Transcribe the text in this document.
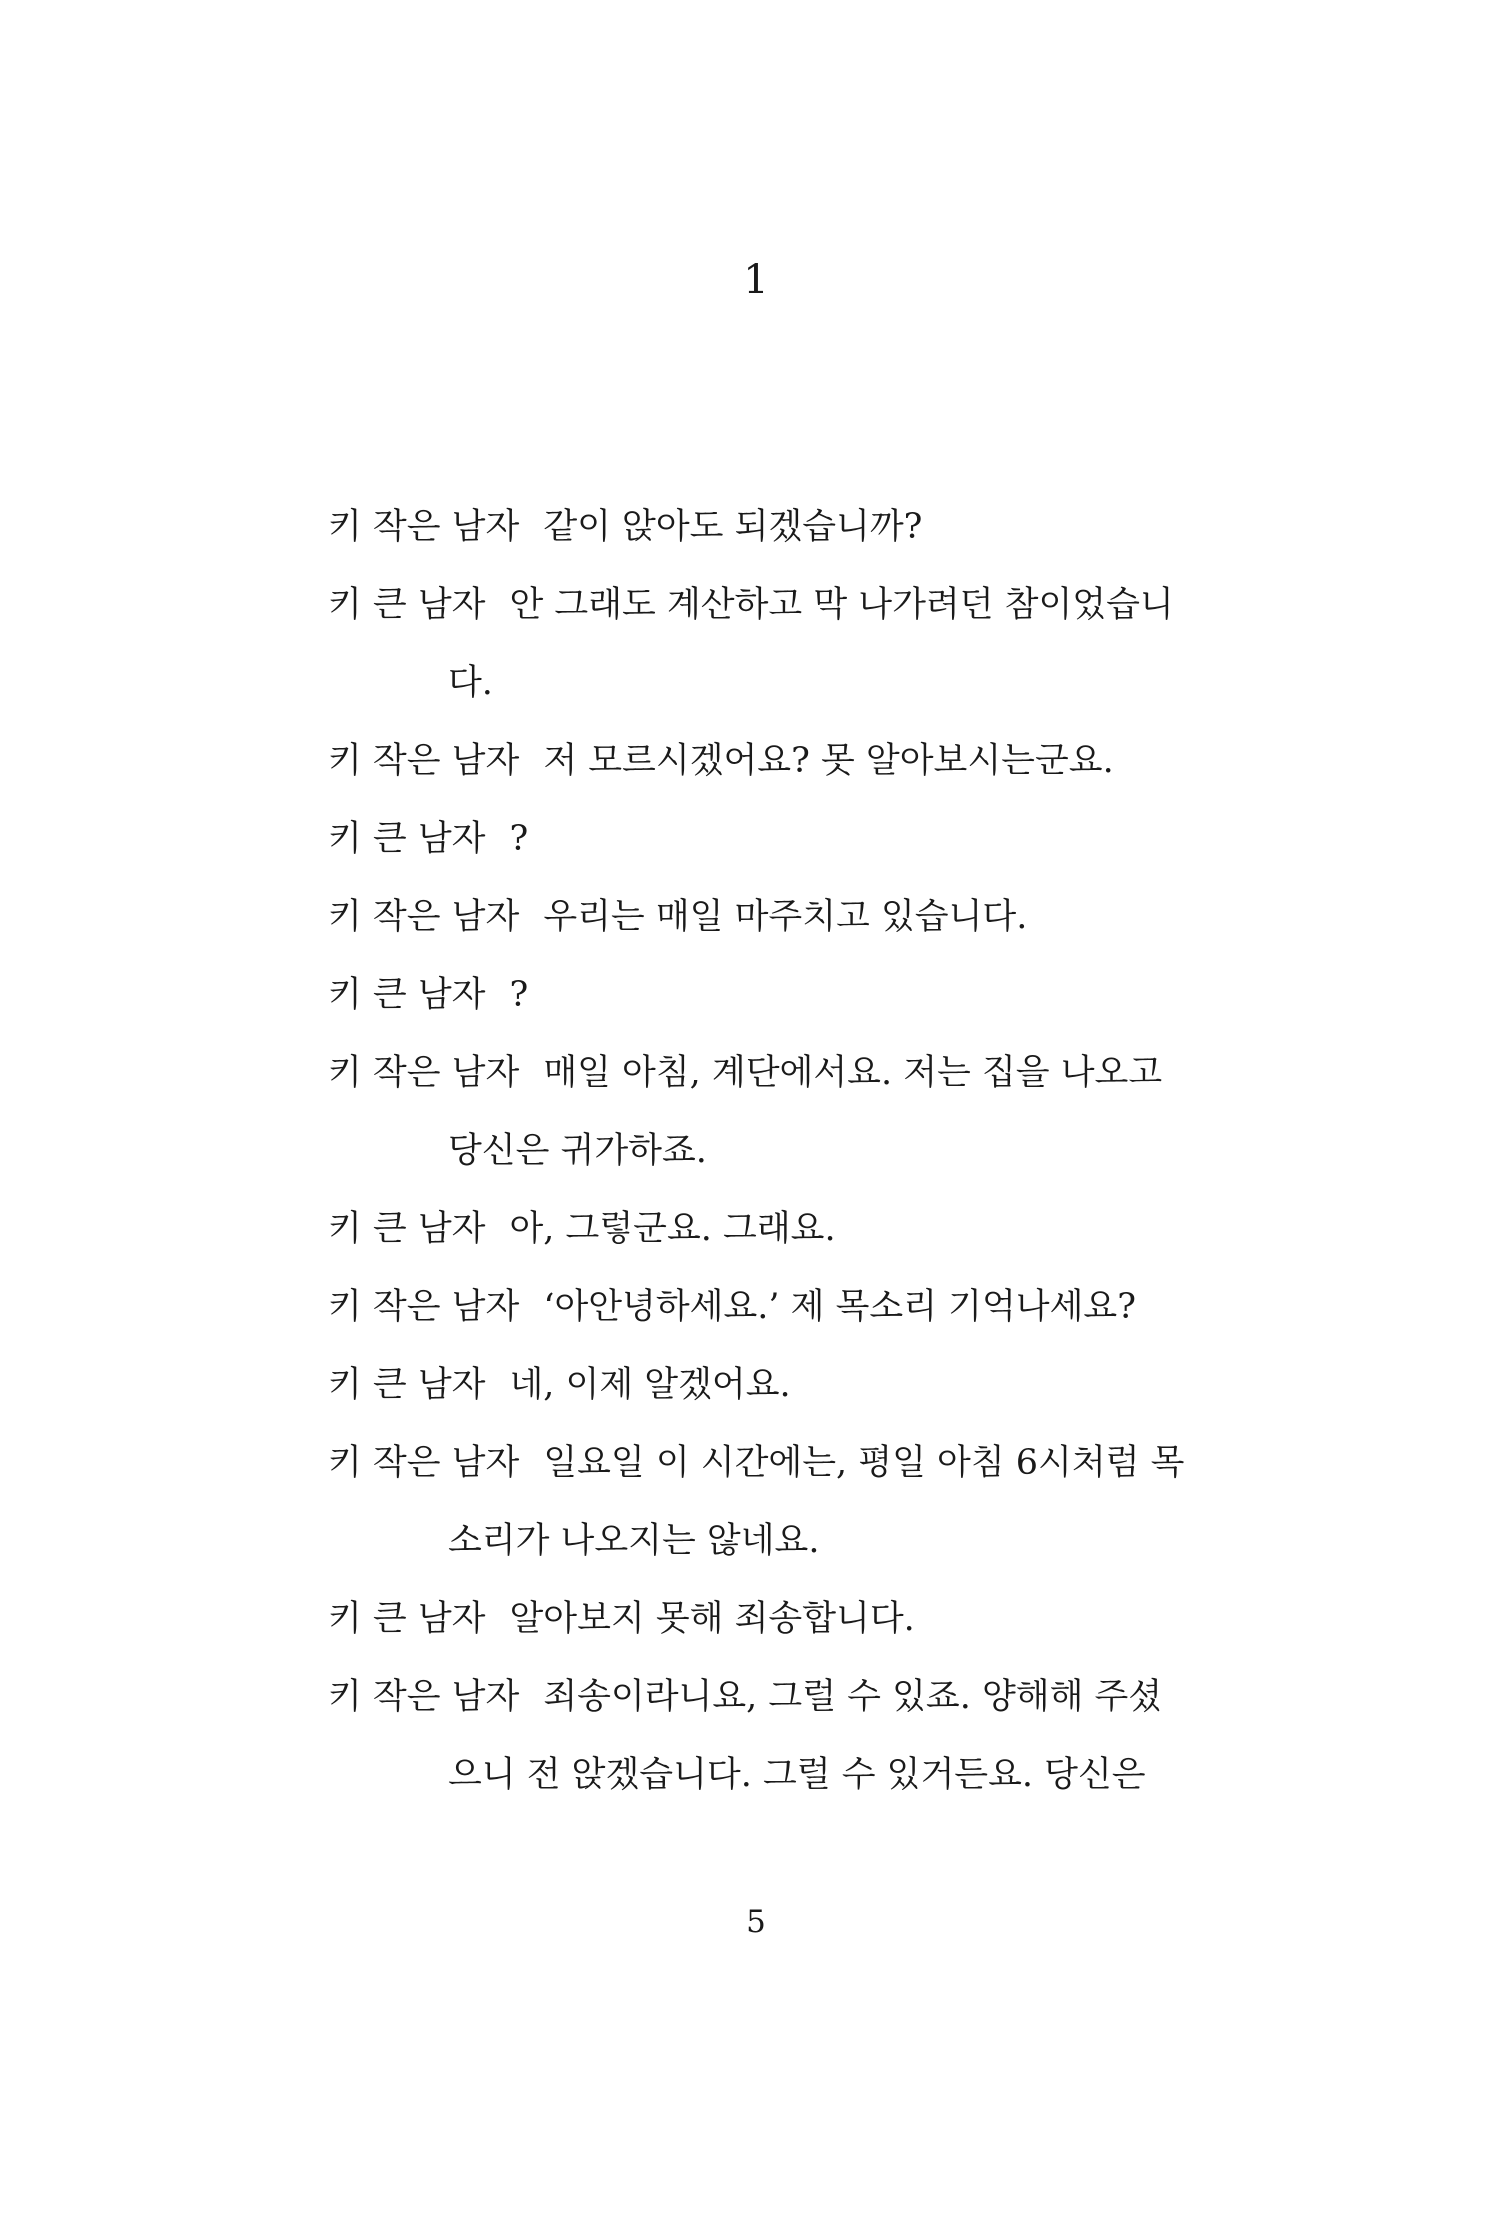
1
키 작은 남자 같이 앉아도 되겠습니까?
키 큰 남자 안 그래도 계산하고 막 나가려던 참이었습니
다.
키 작은 남자 저 모르시겠어요? 못 알아보시는군요.
키 큰 남자 ?
키 작은 남자 우리는 매일 마주치고 있습니다.
키 큰 남자 ?
키 작은 남자 매일 아침, 계단에서요. 저는 집을 나오고
당신은 귀가하죠.
키 큰 남자 아, 그렇군요. 그래요.
키 작은 남자 ‘아안녕하세요.’ 제 목소리 기억나세요?
키 큰 남자 네, 이제 알겠어요.
키 작은 남자 일요일 이 시간에는, 평일 아침 6시처럼 목
소리가 나오지는 않네요.
키 큰 남자 알아보지 못해 죄송합니다.
키 작은 남자 죄송이라니요, 그럴 수 있죠. 양해해 주셨
으니 전 앉겠습니다. 그럴 수 있거든요. 당신은
5
